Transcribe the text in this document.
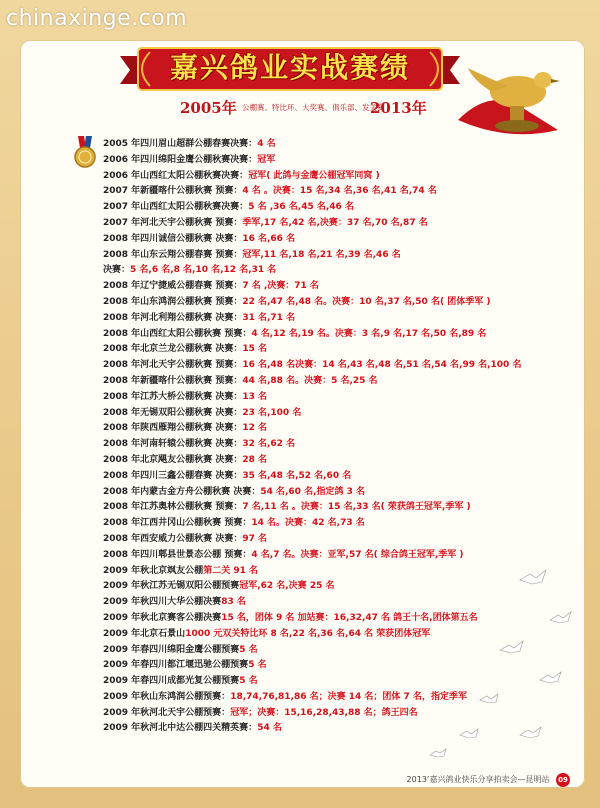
chinaxinge.com
嘉兴鸽业实战赛绩
2005年 公棚赛、特比环、大奖赛、俱乐部、发关赛
2013年
2005 年四川眉山超群公棚春赛决赛：4 名
2006 年四川绵阳金鹰公棚秋赛决赛：冠军
2006 年山西红太阳公棚秋赛决赛：冠军( 此鸽与金鹰公棚冠军同窝 )
2007 年新疆喀什公棚秋赛 预赛：4 名 。决赛：15 名,34 名,36 名,41 名,74 名
2007 年山西红太阳公棚秋赛决赛：5 名 ,36 名,45 名,46 名
2007 年河北天宇公棚秋赛 预赛：季军,17 名,42 名,决赛：37 名,70 名,87 名
2008 年四川诚信公棚秋赛 决赛：16 名,66 名
2008 年山东云翔公棚春赛 预赛：冠军,11 名,18 名,21 名,39 名,46 名
决赛：5 名,6 名,8 名,10 名,12 名,31 名
2008 年辽宁捷威公棚春赛 预赛：7 名 ,决赛：71 名
2008 年山东鸿润公棚秋赛 预赛：22 名,47 名,48 名。决赛：10 名,37 名,50 名( 团体季军 )
2008 年河北利翔公棚秋赛 决赛：31 名,71 名
2008 年山西红太阳公棚秋赛 预赛：4 名,12 名,19 名。决赛：3 名,9 名,17 名,50 名,89 名
2008 年北京兰龙公棚秋赛 决赛：15 名
2008 年河北天宇公棚秋赛 预赛：16 名,48 名决赛：14 名,43 名,48 名,51 名,54 名,99 名,100 名
2008 年新疆喀什公棚秋赛 预赛：44 名,88 名。决赛：5 名,25 名
2008 年江苏大桥公棚秋赛 决赛：13 名
2008 年无锡双阳公棚秋赛 决赛：23 名,100 名
2008 年陕西雁翔公棚秋赛 决赛：12 名
2008 年河南轩辕公棚秋赛 决赛：32 名,62 名
2008 年北京飓友公棚秋赛 决赛：28 名
2008 年四川三鑫公棚春赛 决赛：35 名,48 名,52 名,60 名
2008 年内蒙古金方舟公棚秋赛 决赛：54 名,60 名,指定鸽 3 名
2008 年江苏奥林公棚秋赛 预赛：7 名,11 名 。决赛：15 名,33 名( 荣获鸽王冠军,季军 )
2008 年江西井冈山公棚秋赛 预赛：14 名。决赛：42 名,73 名
2008 年西安威力公棚秋赛 决赛：97 名
2008 年四川郫县世景态公棚 预赛：4 名,7 名。决赛：亚军,57 名( 综合鸽王冠军,季军 )
2009 年秋北京飒友公棚第二关 91 名
2009 年秋江苏无锡双阳公棚预赛冠军,62 名,决赛 25 名
2009 年秋四川大华公棚决赛83 名
2009 年秋北京赛客公棚决赛15 名，团体 9 名 加站赛：16,32,47 名 鸽王十名,团体第五名
2009 年北京石景山1000 元双关特比环 8 名,22 名,36 名,64 名 荣获团体冠军
2009 年春四川绵阳金鹰公棚预赛5 名
2009 年春四川都江堰迅驰公棚预赛5 名
2009 年春四川成都光复公棚预赛5 名
2009 年秋山东鸿润公棚预赛：18,74,76,81,86 名；决赛 14 名；团体 7 名，指定季军
2009 年秋河北天宇公棚预赛：冠军；决赛：15,16,28,43,88 名；鸽王四名
2009 年秋河北中达公棚四关精英赛：54 名
2013’嘉兴鸽业快乐分享拍卖会—昆明站 09
